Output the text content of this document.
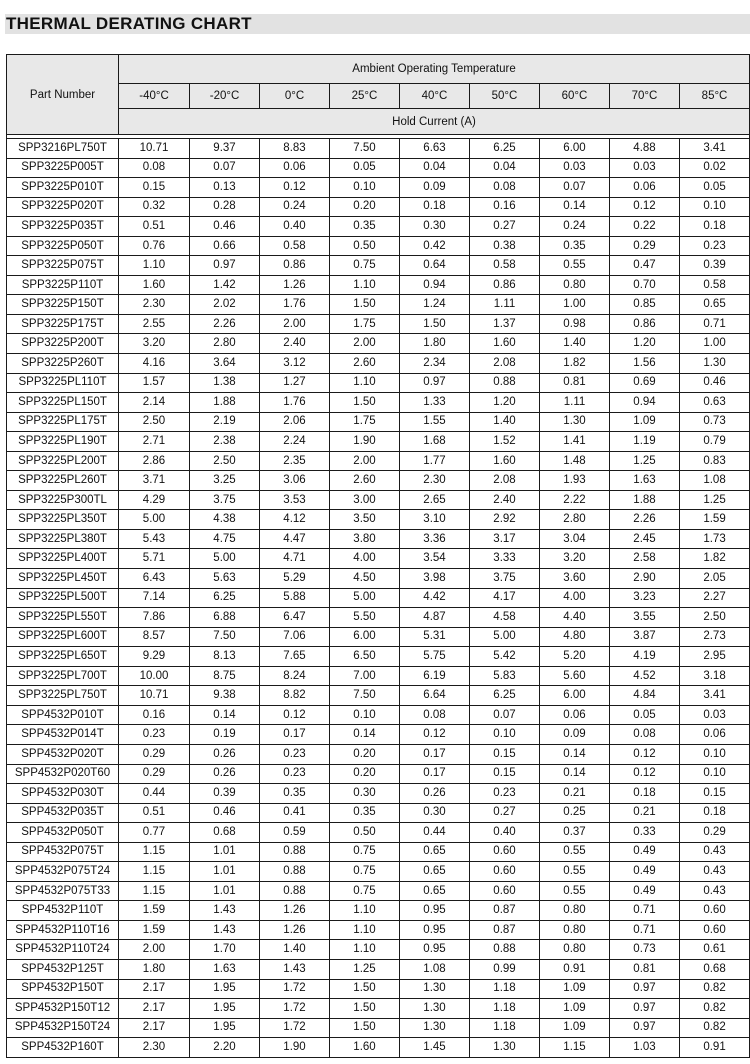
THERMAL DERATING CHART
Part Number	Ambient Operating Temperature								
	-40°C	-20°C	0°C	25°C	40°C	50°C	60°C	70°C	85°C
	Hold Current (A)								

SPP3216PL750T	10.71	9.37	8.83	7.50	6.63	6.25	6.00	4.88	3.41
SPP3225P005T	0.08	0.07	0.06	0.05	0.04	0.04	0.03	0.03	0.02
SPP3225P010T	0.15	0.13	0.12	0.10	0.09	0.08	0.07	0.06	0.05
SPP3225P020T	0.32	0.28	0.24	0.20	0.18	0.16	0.14	0.12	0.10
SPP3225P035T	0.51	0.46	0.40	0.35	0.30	0.27	0.24	0.22	0.18
SPP3225P050T	0.76	0.66	0.58	0.50	0.42	0.38	0.35	0.29	0.23
SPP3225P075T	1.10	0.97	0.86	0.75	0.64	0.58	0.55	0.47	0.39
SPP3225P110T	1.60	1.42	1.26	1.10	0.94	0.86	0.80	0.70	0.58
SPP3225P150T	2.30	2.02	1.76	1.50	1.24	1.11	1.00	0.85	0.65
SPP3225P175T	2.55	2.26	2.00	1.75	1.50	1.37	0.98	0.86	0.71
SPP3225P200T	3.20	2.80	2.40	2.00	1.80	1.60	1.40	1.20	1.00
SPP3225P260T	4.16	3.64	3.12	2.60	2.34	2.08	1.82	1.56	1.30
SPP3225PL110T	1.57	1.38	1.27	1.10	0.97	0.88	0.81	0.69	0.46
SPP3225PL150T	2.14	1.88	1.76	1.50	1.33	1.20	1.11	0.94	0.63
SPP3225PL175T	2.50	2.19	2.06	1.75	1.55	1.40	1.30	1.09	0.73
SPP3225PL190T	2.71	2.38	2.24	1.90	1.68	1.52	1.41	1.19	0.79
SPP3225PL200T	2.86	2.50	2.35	2.00	1.77	1.60	1.48	1.25	0.83
SPP3225PL260T	3.71	3.25	3.06	2.60	2.30	2.08	1.93	1.63	1.08
SPP3225P300TL	4.29	3.75	3.53	3.00	2.65	2.40	2.22	1.88	1.25
SPP3225PL350T	5.00	4.38	4.12	3.50	3.10	2.92	2.80	2.26	1.59
SPP3225PL380T	5.43	4.75	4.47	3.80	3.36	3.17	3.04	2.45	1.73
SPP3225PL400T	5.71	5.00	4.71	4.00	3.54	3.33	3.20	2.58	1.82
SPP3225PL450T	6.43	5.63	5.29	4.50	3.98	3.75	3.60	2.90	2.05
SPP3225PL500T	7.14	6.25	5.88	5.00	4.42	4.17	4.00	3.23	2.27
SPP3225PL550T	7.86	6.88	6.47	5.50	4.87	4.58	4.40	3.55	2.50
SPP3225PL600T	8.57	7.50	7.06	6.00	5.31	5.00	4.80	3.87	2.73
SPP3225PL650T	9.29	8.13	7.65	6.50	5.75	5.42	5.20	4.19	2.95
SPP3225PL700T	10.00	8.75	8.24	7.00	6.19	5.83	5.60	4.52	3.18
SPP3225PL750T	10.71	9.38	8.82	7.50	6.64	6.25	6.00	4.84	3.41
SPP4532P010T	0.16	0.14	0.12	0.10	0.08	0.07	0.06	0.05	0.03
SPP4532P014T	0.23	0.19	0.17	0.14	0.12	0.10	0.09	0.08	0.06
SPP4532P020T	0.29	0.26	0.23	0.20	0.17	0.15	0.14	0.12	0.10
SPP4532P020T60	0.29	0.26	0.23	0.20	0.17	0.15	0.14	0.12	0.10
SPP4532P030T	0.44	0.39	0.35	0.30	0.26	0.23	0.21	0.18	0.15
SPP4532P035T	0.51	0.46	0.41	0.35	0.30	0.27	0.25	0.21	0.18
SPP4532P050T	0.77	0.68	0.59	0.50	0.44	0.40	0.37	0.33	0.29
SPP4532P075T	1.15	1.01	0.88	0.75	0.65	0.60	0.55	0.49	0.43
SPP4532P075T24	1.15	1.01	0.88	0.75	0.65	0.60	0.55	0.49	0.43
SPP4532P075T33	1.15	1.01	0.88	0.75	0.65	0.60	0.55	0.49	0.43
SPP4532P110T	1.59	1.43	1.26	1.10	0.95	0.87	0.80	0.71	0.60
SPP4532P110T16	1.59	1.43	1.26	1.10	0.95	0.87	0.80	0.71	0.60
SPP4532P110T24	2.00	1.70	1.40	1.10	0.95	0.88	0.80	0.73	0.61
SPP4532P125T	1.80	1.63	1.43	1.25	1.08	0.99	0.91	0.81	0.68
SPP4532P150T	2.17	1.95	1.72	1.50	1.30	1.18	1.09	0.97	0.82
SPP4532P150T12	2.17	1.95	1.72	1.50	1.30	1.18	1.09	0.97	0.82
SPP4532P150T24	2.17	1.95	1.72	1.50	1.30	1.18	1.09	0.97	0.82
SPP4532P160T	2.30	2.20	1.90	1.60	1.45	1.30	1.15	1.03	0.91
